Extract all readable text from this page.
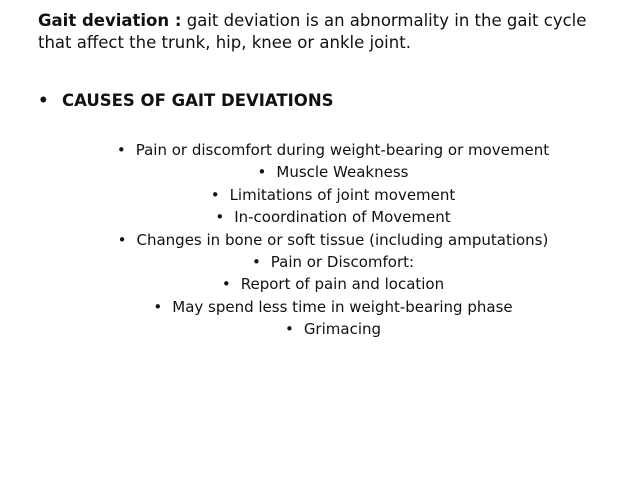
Gait deviation : gait deviation is an abnormality in the gait cycle that affect the trunk, hip, knee or ankle joint.

• CAUSES OF GAIT DEVIATIONS
• Pain or discomfort during weight-bearing or movement
• Muscle Weakness
• Limitations of joint movement
• In-coordination of Movement
• Changes in bone or soft tissue (including amputations)
• Pain or Discomfort:
• Report of pain and location
• May spend less time in weight-bearing phase
• Grimacing
